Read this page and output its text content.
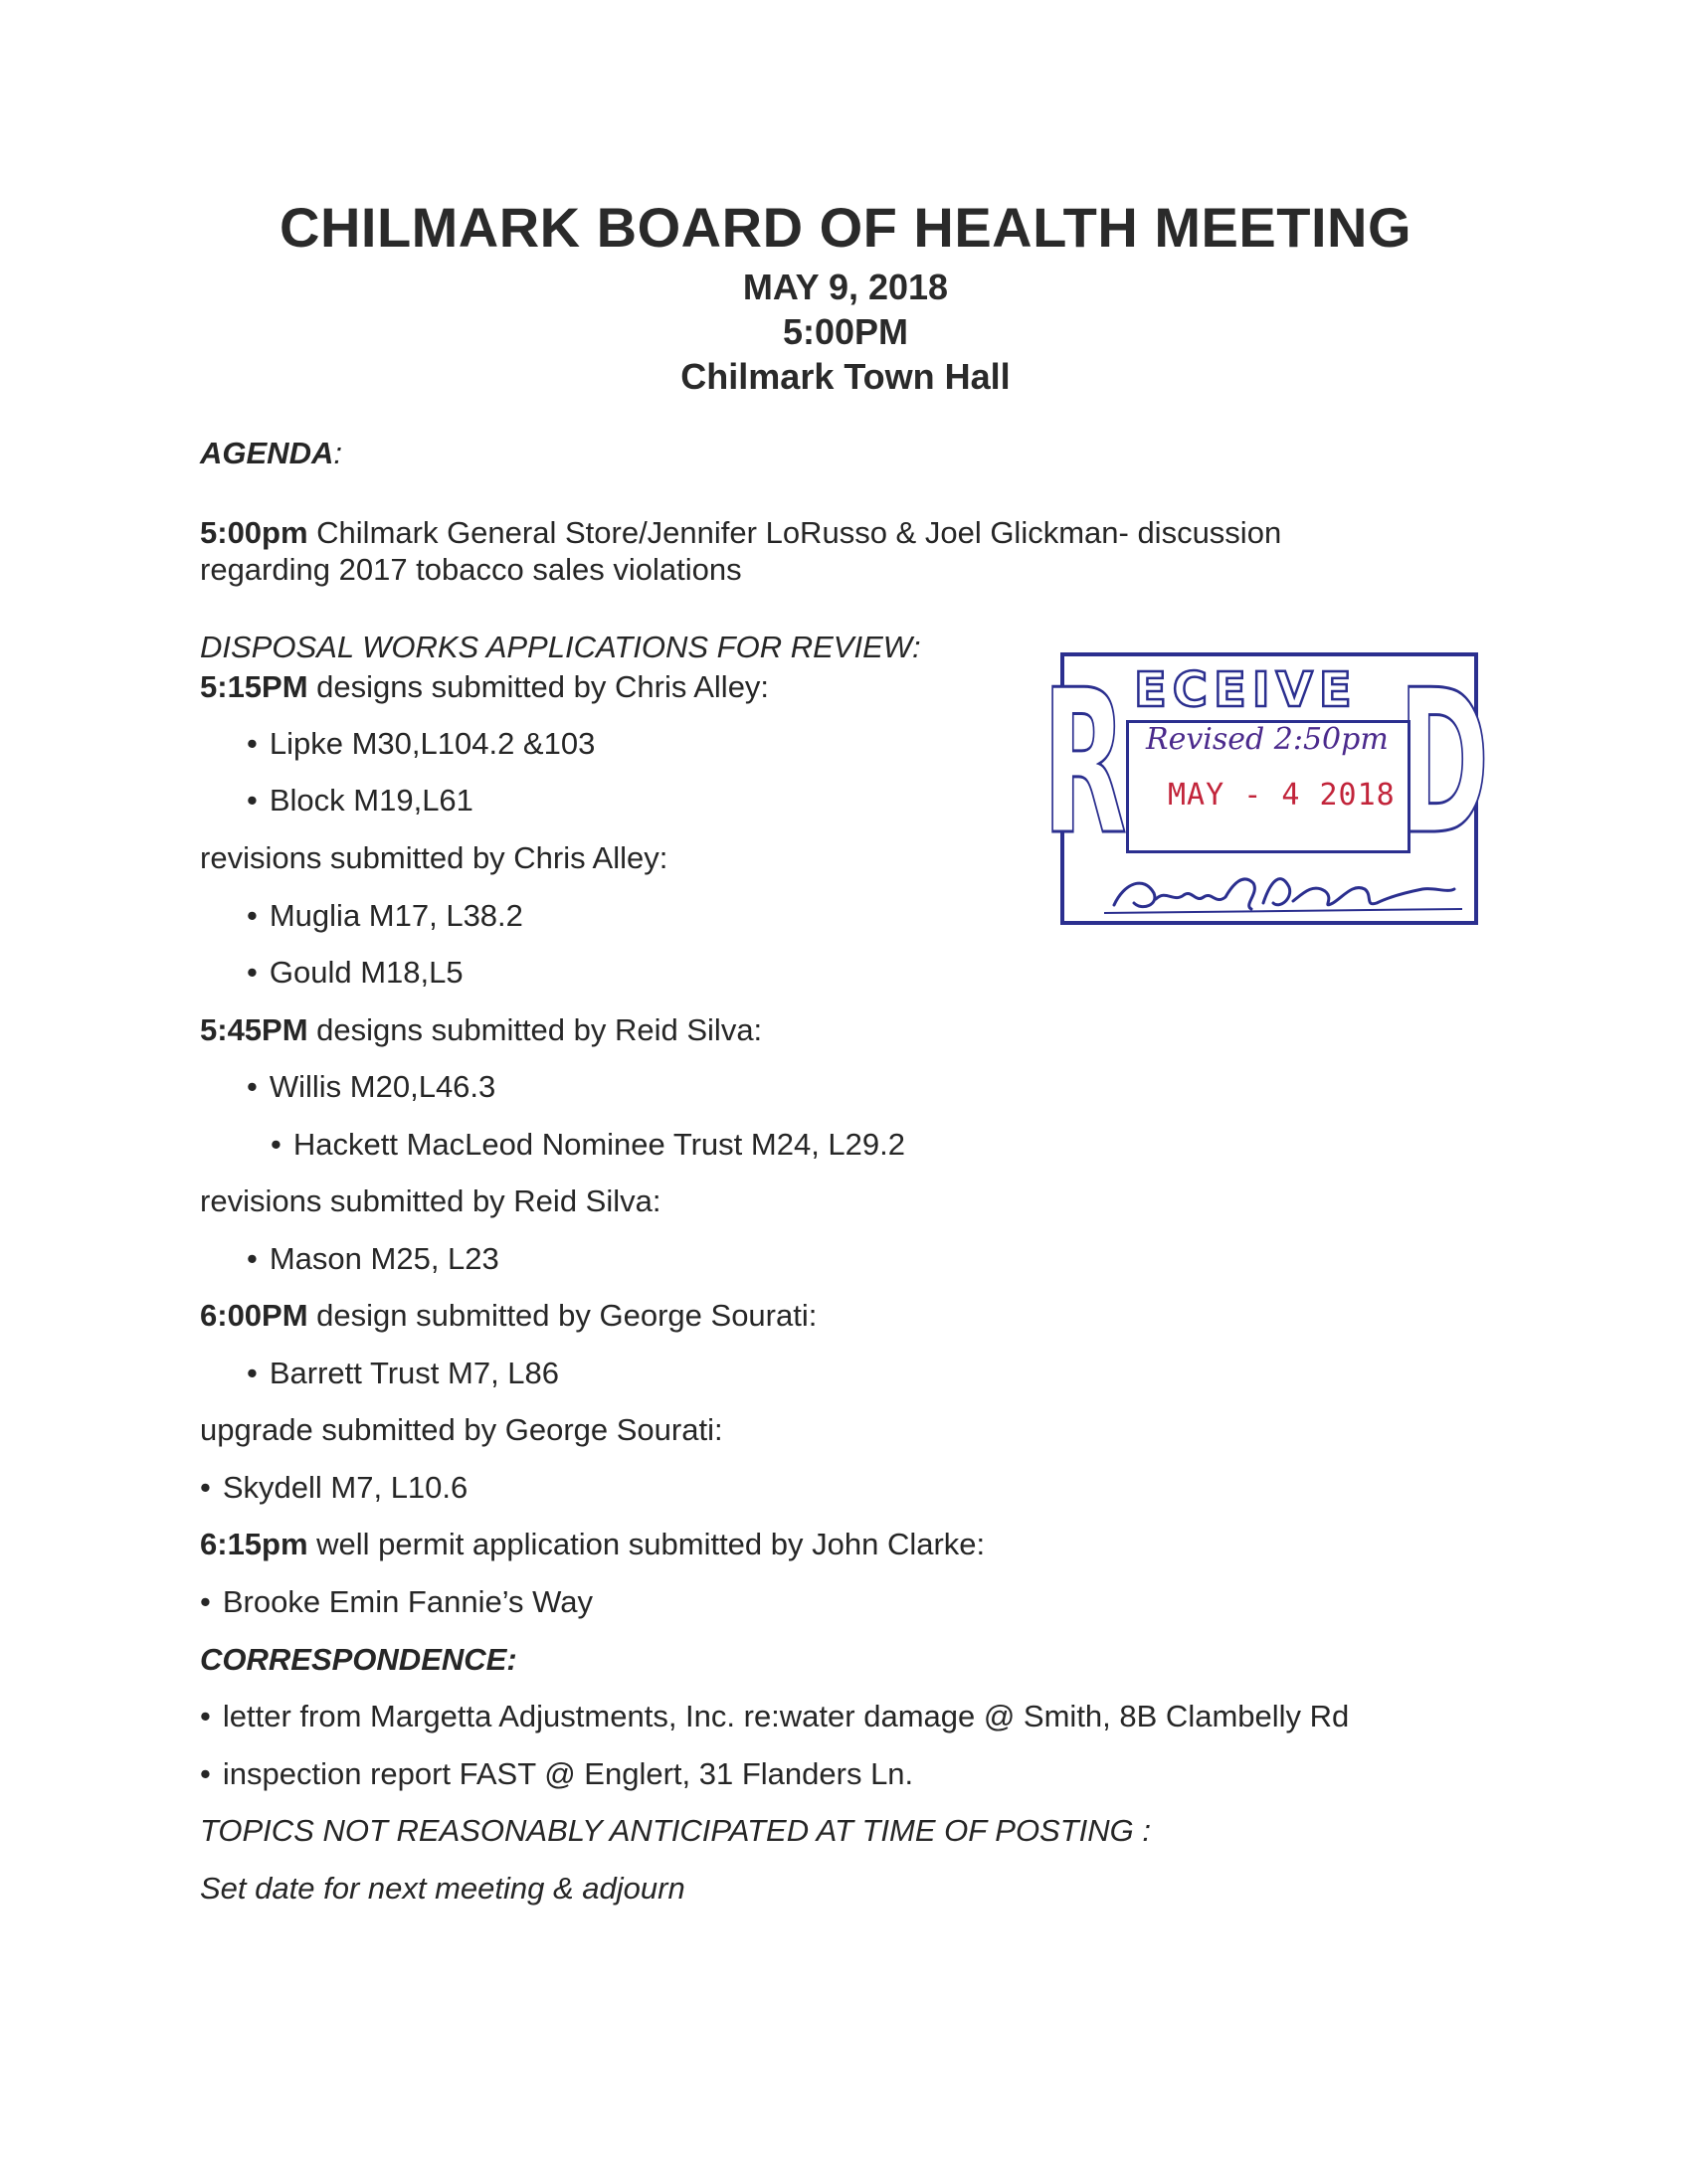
CHILMARK BOARD OF HEALTH MEETING
MAY 9, 2018
5:00PM
Chilmark Town Hall
AGENDA:
5:00pm Chilmark General Store/Jennifer LoRusso & Joel Glickman- discussion
regarding 2017 tobacco sales violations
DISPOSAL WORKS APPLICATIONS FOR REVIEW:
5:15PM designs submitted by Chris Alley:
• Lipke M30,L104.2 &103
• Block M19,L61
revisions submitted by Chris Alley:
• Muglia M17, L38.2
• Gould M18,L5
5:45PM designs submitted by Reid Silva:
• Willis M20,L46.3
• Hackett MacLeod Nominee Trust M24, L29.2
revisions submitted by Reid Silva:
• Mason M25, L23
6:00PM design submitted by George Sourati:
• Barrett Trust M7, L86
upgrade submitted by George Sourati:
• Skydell M7, L10.6
6:15pm well permit application submitted by John Clarke:
• Brooke Emin Fannie’s Way
CORRESPONDENCE:
• letter from Margetta Adjustments, Inc. re:water damage @ Smith, 8B Clambelly Rd
• inspection report FAST @ Englert, 31 Flanders Ln.
TOPICS NOT REASONABLY ANTICIPATED AT TIME OF POSTING :
Set date for next meeting & adjourn
R ECEIVE D
Revised 2:50pm
MAY - 4 2018
